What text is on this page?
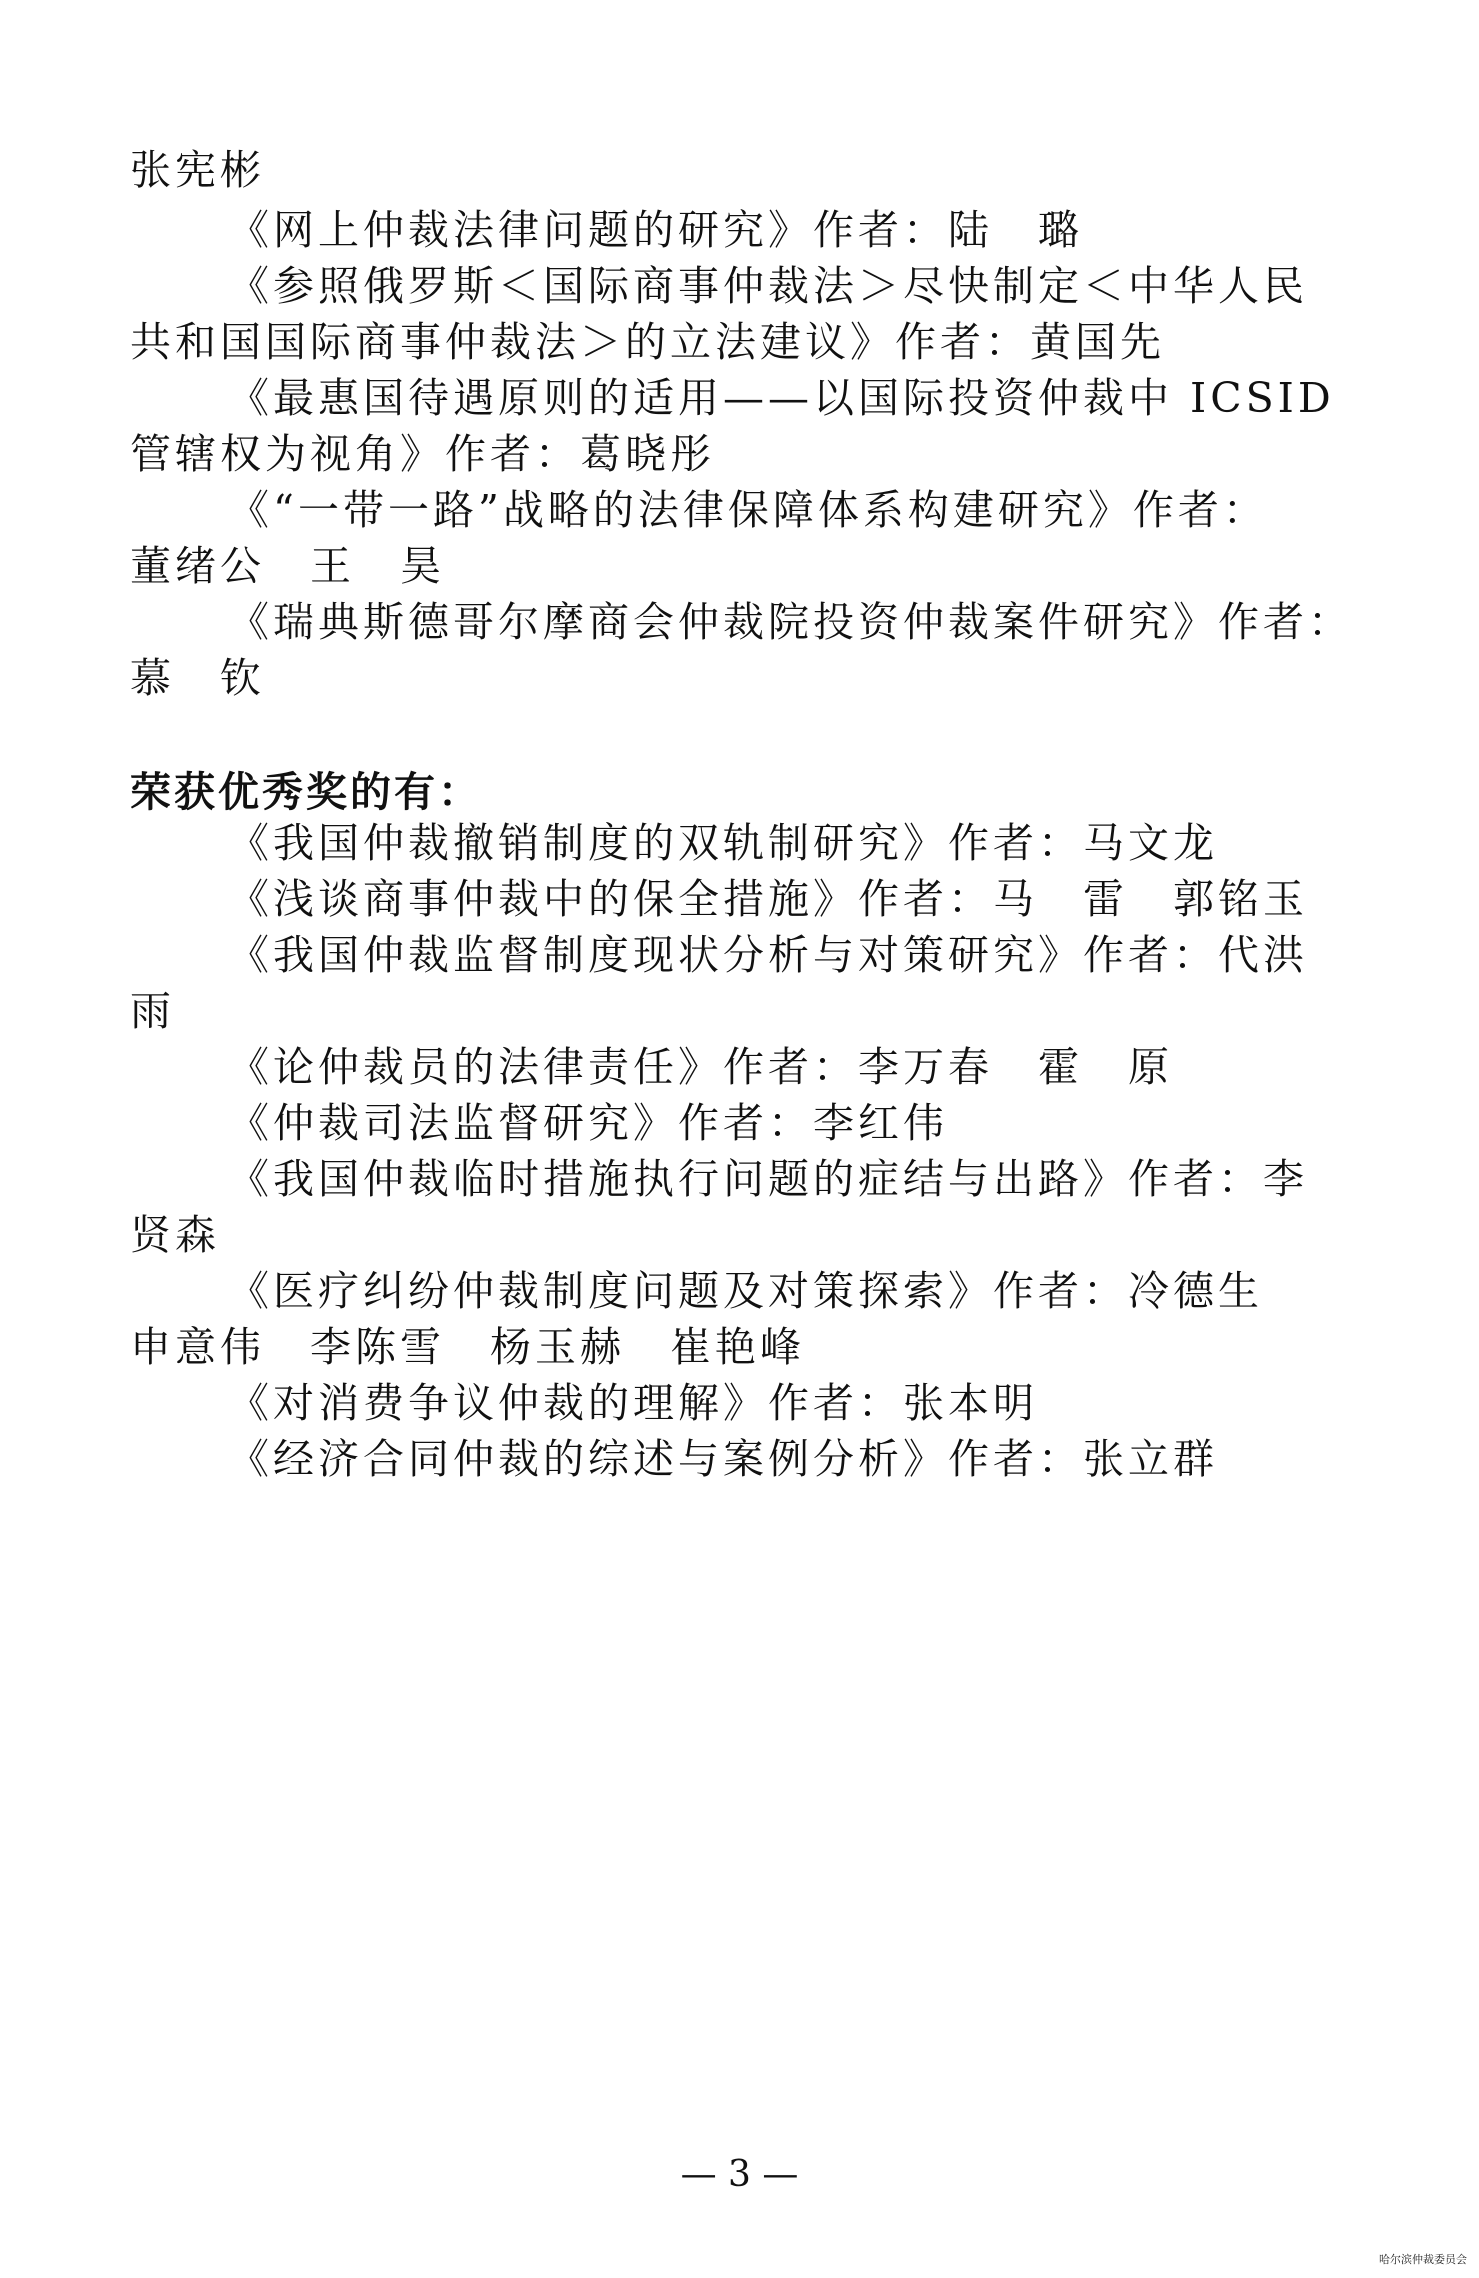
张宪彬
《网上仲裁法律问题的研究》作者：陆　璐
《参照俄罗斯＜国际商事仲裁法＞尽快制定＜中华人民
共和国国际商事仲裁法＞的立法建议》作者：黄国先
《最惠国待遇原则的适用——以国际投资仲裁中 ICSID
管辖权为视角》作者：葛晓彤
《“一带一路”战略的法律保障体系构建研究》作者：
董绪公　王　昊
《瑞典斯德哥尔摩商会仲裁院投资仲裁案件研究》作者：
慕　钦
荣获优秀奖的有：
《我国仲裁撤销制度的双轨制研究》作者：马文龙
《浅谈商事仲裁中的保全措施》作者：马　雷　郭铭玉
《我国仲裁监督制度现状分析与对策研究》作者：代洪
雨
《论仲裁员的法律责任》作者：李万春　霍　原
《仲裁司法监督研究》作者：李红伟
《我国仲裁临时措施执行问题的症结与出路》作者：李
贤森
《医疗纠纷仲裁制度问题及对策探索》作者：冷德生
申意伟　李陈雪　杨玉赫　崔艳峰
《对消费争议仲裁的理解》作者：张本明
《经济合同仲裁的综述与案例分析》作者：张立群
— 3 —
哈尔滨仲裁委员会
